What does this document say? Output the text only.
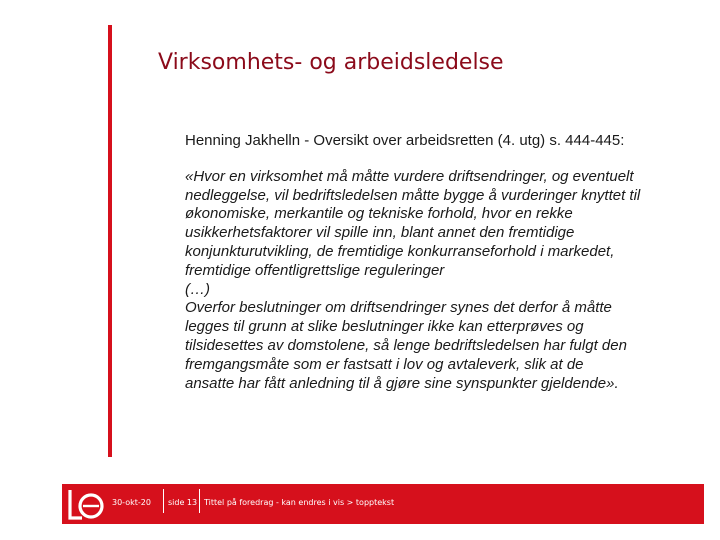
Virksomhets- og arbeidsledelse

Henning Jakhelln - Oversikt over arbeidsretten (4. utg) s. 444-445:

«Hvor en virksomhet må måtte vurdere driftsendringer, og eventuelt
nedleggelse, vil bedriftsledelsen måtte bygge å vurderinger knyttet til
økonomiske, merkantile og tekniske forhold, hvor en rekke
usikkerhetsfaktorer vil spille inn, blant annet den fremtidige
konjunkturutvikling, de fremtidige konkurranseforhold i markedet,
fremtidige offentligrettslige reguleringer
(…)
Overfor beslutninger om driftsendringer synes det derfor å måtte
legges til grunn at slike beslutninger ikke kan etterprøves og
tilsidesettes av domstolene, så lenge bedriftsledelsen har fulgt den
fremgangsmåte som er fastsatt i lov og avtaleverk, slik at de
ansatte har fått anledning til å gjøre sine synspunkter gjeldende».

30-okt-20 side 13 Tittel på foredrag - kan endres i vis > topptekst
